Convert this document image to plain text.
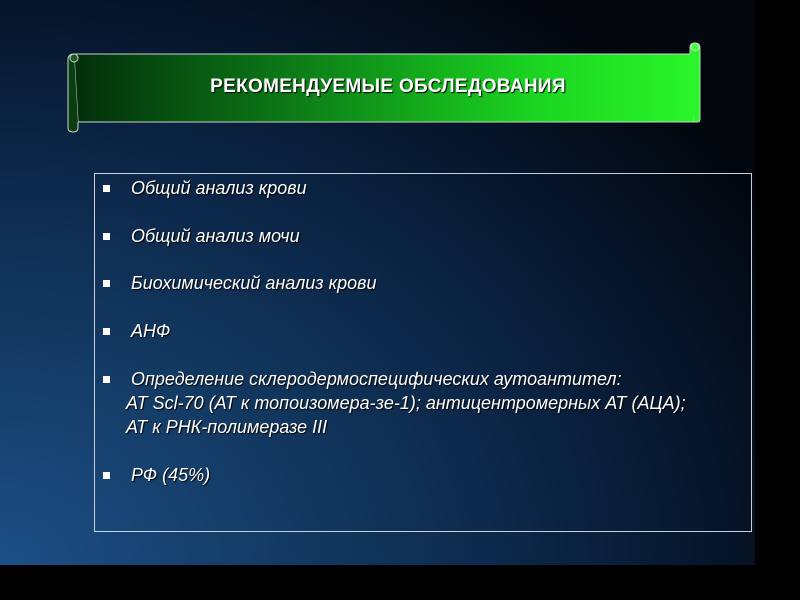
РЕКОМЕНДУЕМЫЕ ОБСЛЕДОВАНИЯ
Общий анализ крови
Общий анализ мочи
Биохимический анализ крови
АНФ
Определение склеродермоспецифических аутоантител:
AT Scl-70 (АТ к топоизомера-зе-1); антицентромерных АТ (АЦА);
АТ к РНК-полимеразе III
РФ (45%)
